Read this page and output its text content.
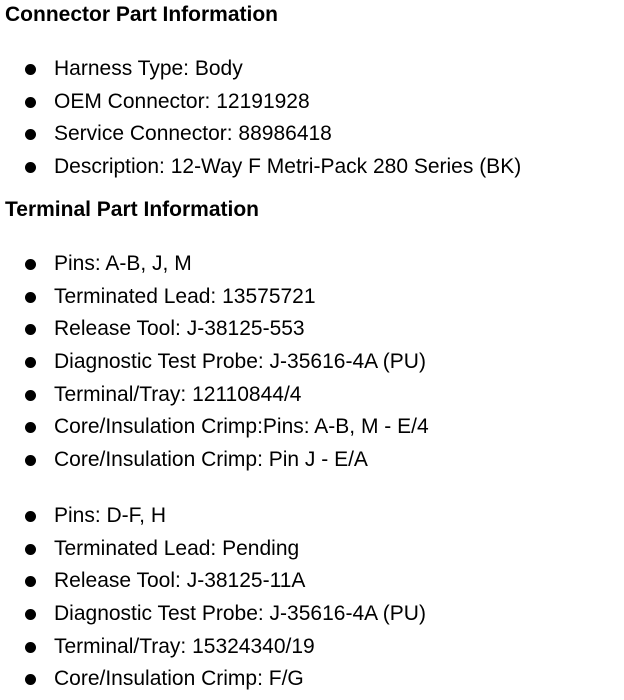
Connector Part Information
Harness Type: Body
OEM Connector: 12191928
Service Connector: 88986418
Description: 12-Way F Metri-Pack 280 Series (BK)
Terminal Part Information
Pins: A-B, J, M
Terminated Lead: 13575721
Release Tool: J-38125-553
Diagnostic Test Probe: J-35616-4A (PU)
Terminal/Tray: 12110844/4
Core/Insulation Crimp:Pins: A-B, M - E/4
Core/Insulation Crimp: Pin J - E/A
Pins: D-F, H
Terminated Lead: Pending
Release Tool: J-38125-11A
Diagnostic Test Probe: J-35616-4A (PU)
Terminal/Tray: 15324340/19
Core/Insulation Crimp: F/G
